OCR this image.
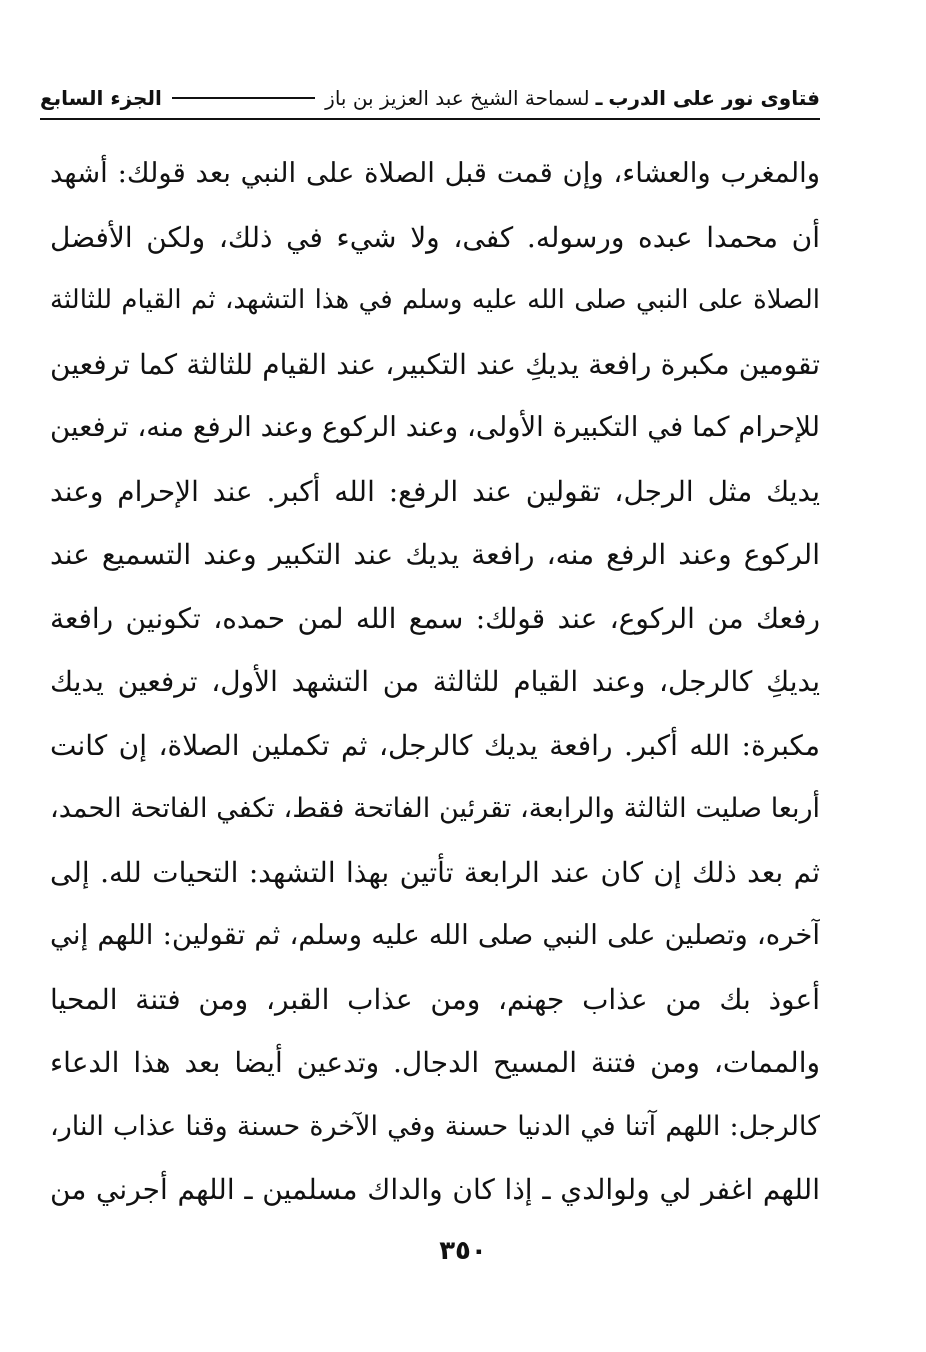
فتاوى نور على الدرب
ـ
لسماحة الشيخ عبد العزيز بن باز
الجزء السابع
والمغرب والعشاء، وإن قمت قبل الصلاة على النبي بعد قولك: أشهد
أن محمدا عبده ورسوله. كفى، ولا شيء في ذلك، ولكن الأفضل
الصلاة على النبي صلى الله عليه وسلم في هذا التشهد، ثم القيام للثالثة
تقومين مكبرة رافعة يديكِ عند التكبير، عند القيام للثالثة كما ترفعين
للإحرام كما في التكبيرة الأولى، وعند الركوع وعند الرفع منه، ترفعين
يديك مثل الرجل، تقولين عند الرفع: الله أكبر. عند الإحرام وعند
الركوع وعند الرفع منه، رافعة يديك عند التكبير وعند التسميع عند
رفعك من الركوع، عند قولك: سمع الله لمن حمده، تكونين رافعة
يديكِ كالرجل، وعند القيام للثالثة من التشهد الأول، ترفعين يديك
مكبرة: الله أكبر. رافعة يديك كالرجل، ثم تكملين الصلاة، إن كانت
أربعا صليت الثالثة والرابعة، تقرئين الفاتحة فقط، تكفي الفاتحة الحمد،
ثم بعد ذلك إن كان عند الرابعة تأتين بهذا التشهد: التحيات لله. إلى
آخره، وتصلين على النبي صلى الله عليه وسلم، ثم تقولين: اللهم إني
أعوذ بك من عذاب جهنم، ومن عذاب القبر، ومن فتنة المحيا
والممات، ومن فتنة المسيح الدجال. وتدعين أيضا بعد هذا الدعاء
كالرجل: اللهم آتنا في الدنيا حسنة وفي الآخرة حسنة وقنا عذاب النار،
اللهم اغفر لي ولوالدي ـ إذا كان والداك مسلمين ـ اللهم أجرني من
٣٥٠
